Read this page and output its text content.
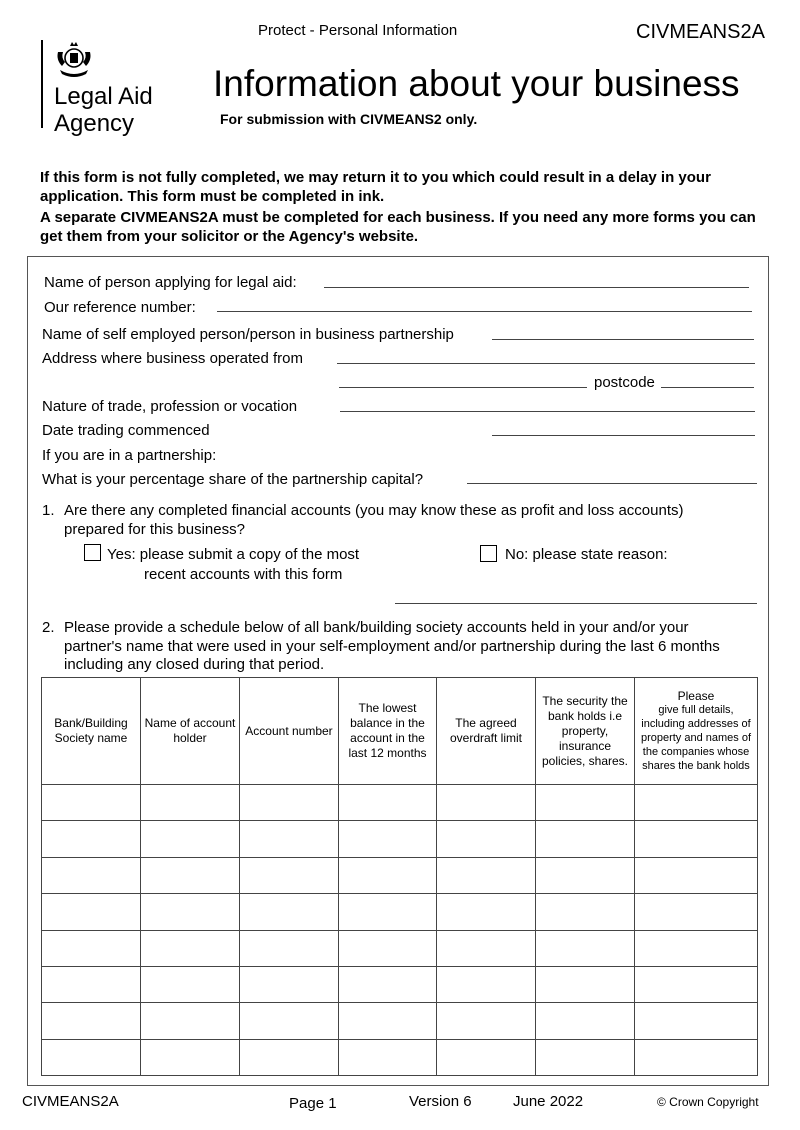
Protect - Personal Information	CIVMEANS2A
Legal Aid
Agency
Information about your business
For submission with CIVMEANS2 only.
If this form is not fully completed, we may return it to you which could result in a delay in your application. This form must be completed in ink.
A separate CIVMEANS2A must be completed for each business. If you need any more forms you can get them from your solicitor or the Agency's website.
Name of person applying for legal aid:
Our reference number:
Name of self employed person/person in business partnership
Address where business operated from
postcode
Nature of trade, profession or vocation
Date trading commenced
If you are in a partnership:
What is your percentage share of the partnership capital?
1. Are there any completed financial accounts (you may know these as profit and loss accounts)
prepared for this business?
Yes: please submit a copy of the most
recent accounts with this form
No: please state reason:
2. Please provide a schedule below of all bank/building society accounts held in your and/or your
partner's name that were used in your self-employment and/or partnership during the last 6 months
including any closed during that period.
Bank/Building Society name	Name of account holder	Account number	The lowest balance in the account in the last 12 months	The agreed overdraft limit	The security the bank holds i.e property, insurance policies, shares.	Please
give full details, including addresses of property and names of the companies whose shares the bank holds

CIVMEANS2A	Page 1	Version 6	June 2022	© Crown Copyright
